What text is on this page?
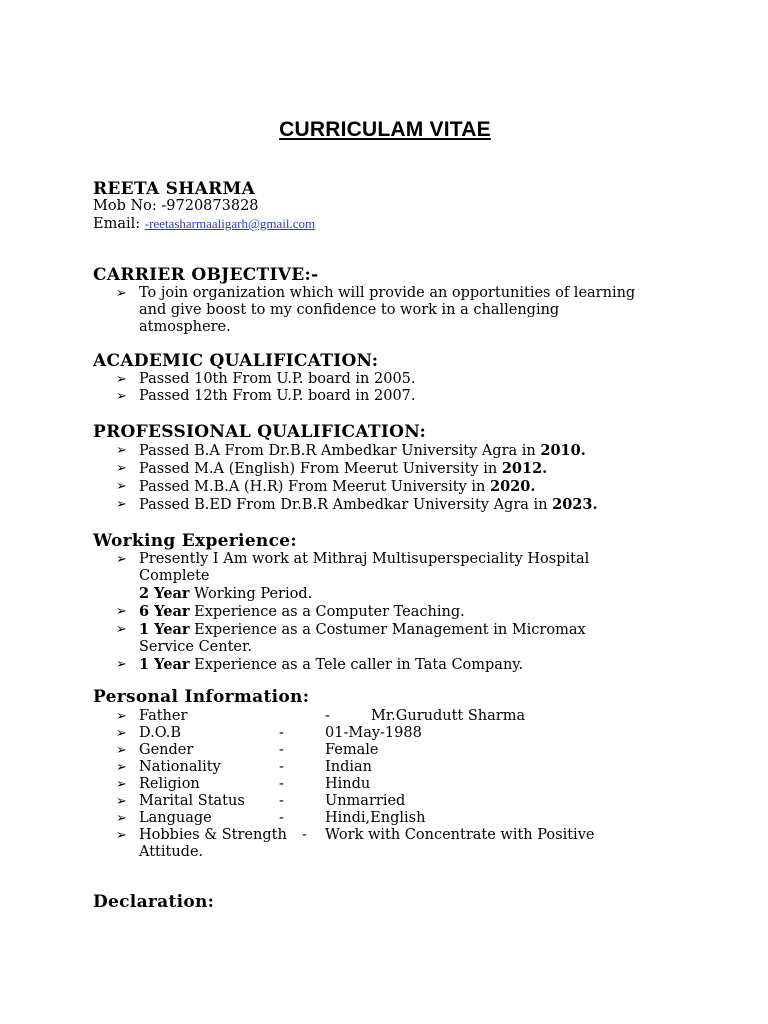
CURRICULAM VITAE
REETA SHARMA
Mob No: -9720873828
Email: -reetasharmaaligarh@gmail.com
CARRIER OBJECTIVE:-
➢ To join organization which will provide an opportunities of learning
and give boost to my confidence to work in a challenging
atmosphere.
ACADEMIC QUALIFICATION:
➢ Passed 10th From U.P. board in 2005.
➢ Passed 12th From U.P. board in 2007.
PROFESSIONAL QUALIFICATION:
➢ Passed B.A From Dr.B.R Ambedkar University Agra in 2010.
➢ Passed M.A (English) From Meerut University in 2012.
➢ Passed M.B.A (H.R) From Meerut University in 2020.
➢ Passed B.ED From Dr.B.R Ambedkar University Agra in 2023.
Working Experience:
➢ Presently I Am work at Mithraj Multisuperspeciality Hospital
Complete
2 Year Working Period.
➢ 6 Year Experience as a Computer Teaching.
➢ 1 Year Experience as a Costumer Management in Micromax
Service Center.
➢ 1 Year Experience as a Tele caller in Tata Company.
Personal Information:
➢ Father	-	Mr.Gurudutt Sharma
➢ D.O.B	-	01-May-1988
➢ Gender	-	Female
➢ Nationality	-	Indian
➢ Religion	-	Hindu
➢ Marital Status -	Unmarried
➢ Language	-	Hindi,English
➢ Hobbies & Strength - Work with Concentrate with Positive
Attitude.
Declaration:
